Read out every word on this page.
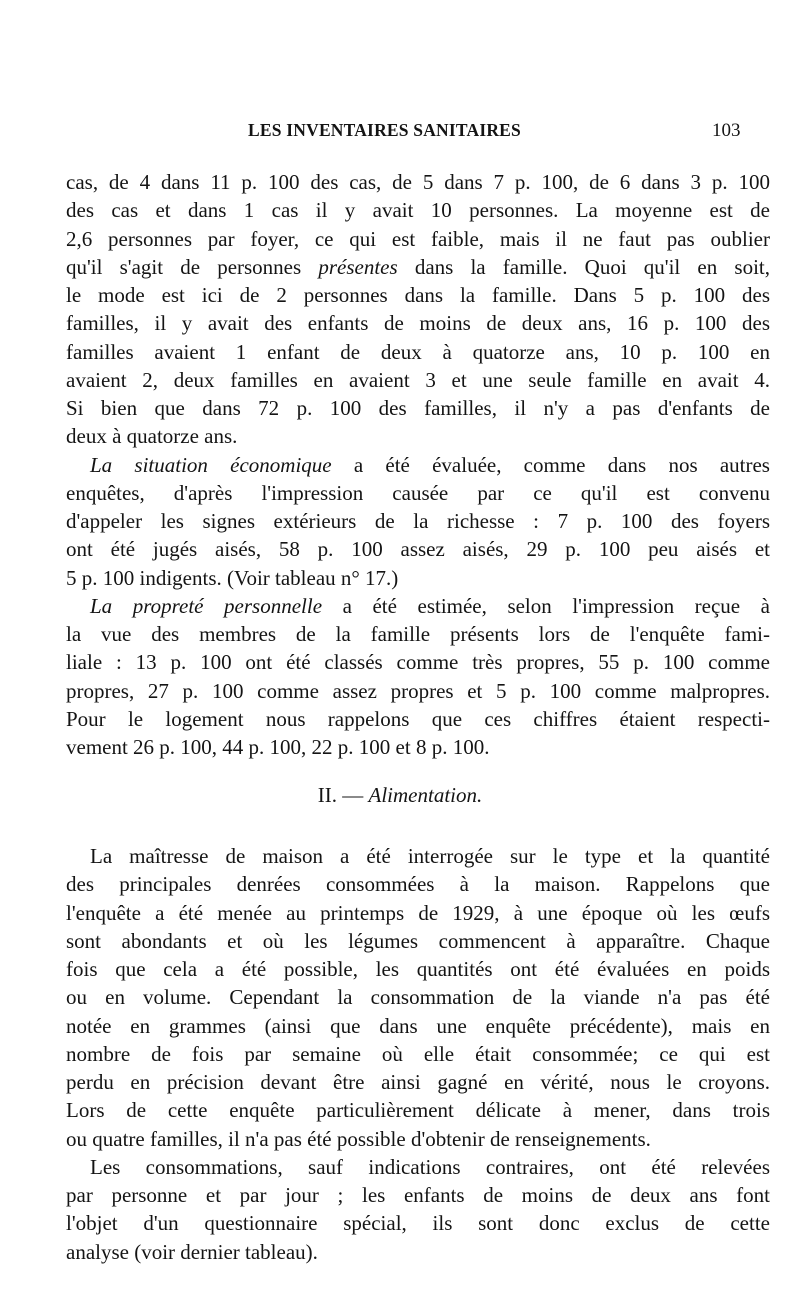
LES INVENTAIRES SANITAIRES	103
cas, de 4 dans 11 p. 100 des cas, de 5 dans 7 p. 100, de 6 dans 3 p. 100
des cas et dans 1 cas il y avait 10 personnes. La moyenne est de
2,6 personnes par foyer, ce qui est faible, mais il ne faut pas oublier
qu'il s'agit de personnes présentes dans la famille. Quoi qu'il en soit,
le mode est ici de 2 personnes dans la famille. Dans 5 p. 100 des
familles, il y avait des enfants de moins de deux ans, 16 p. 100 des
familles avaient 1 enfant de deux à quatorze ans, 10 p. 100 en
avaient 2, deux familles en avaient 3 et une seule famille en avait 4.
Si bien que dans 72 p. 100 des familles, il n'y a pas d'enfants de
deux à quatorze ans.
La situation économique a été évaluée, comme dans nos autres
enquêtes, d'après l'impression causée par ce qu'il est convenu
d'appeler les signes extérieurs de la richesse : 7 p. 100 des foyers
ont été jugés aisés, 58 p. 100 assez aisés, 29 p. 100 peu aisés et
5 p. 100 indigents. (Voir tableau n° 17.)
La propreté personnelle a été estimée, selon l'impression reçue à
la vue des membres de la famille présents lors de l'enquête fami-
liale : 13 p. 100 ont été classés comme très propres, 55 p. 100 comme
propres, 27 p. 100 comme assez propres et 5 p. 100 comme malpropres.
Pour le logement nous rappelons que ces chiffres étaient respecti-
vement 26 p. 100, 44 p. 100, 22 p. 100 et 8 p. 100.
II. — Alimentation.
La maîtresse de maison a été interrogée sur le type et la quantité
des principales denrées consommées à la maison. Rappelons que
l'enquête a été menée au printemps de 1929, à une époque où les œufs
sont abondants et où les légumes commencent à apparaître. Chaque
fois que cela a été possible, les quantités ont été évaluées en poids
ou en volume. Cependant la consommation de la viande n'a pas été
notée en grammes (ainsi que dans une enquête précédente), mais en
nombre de fois par semaine où elle était consommée; ce qui est
perdu en précision devant être ainsi gagné en vérité, nous le croyons.
Lors de cette enquête particulièrement délicate à mener, dans trois
ou quatre familles, il n'a pas été possible d'obtenir de renseignements.
Les consommations, sauf indications contraires, ont été relevées
par personne et par jour ; les enfants de moins de deux ans font
l'objet d'un questionnaire spécial, ils sont donc exclus de cette
analyse (voir dernier tableau).
